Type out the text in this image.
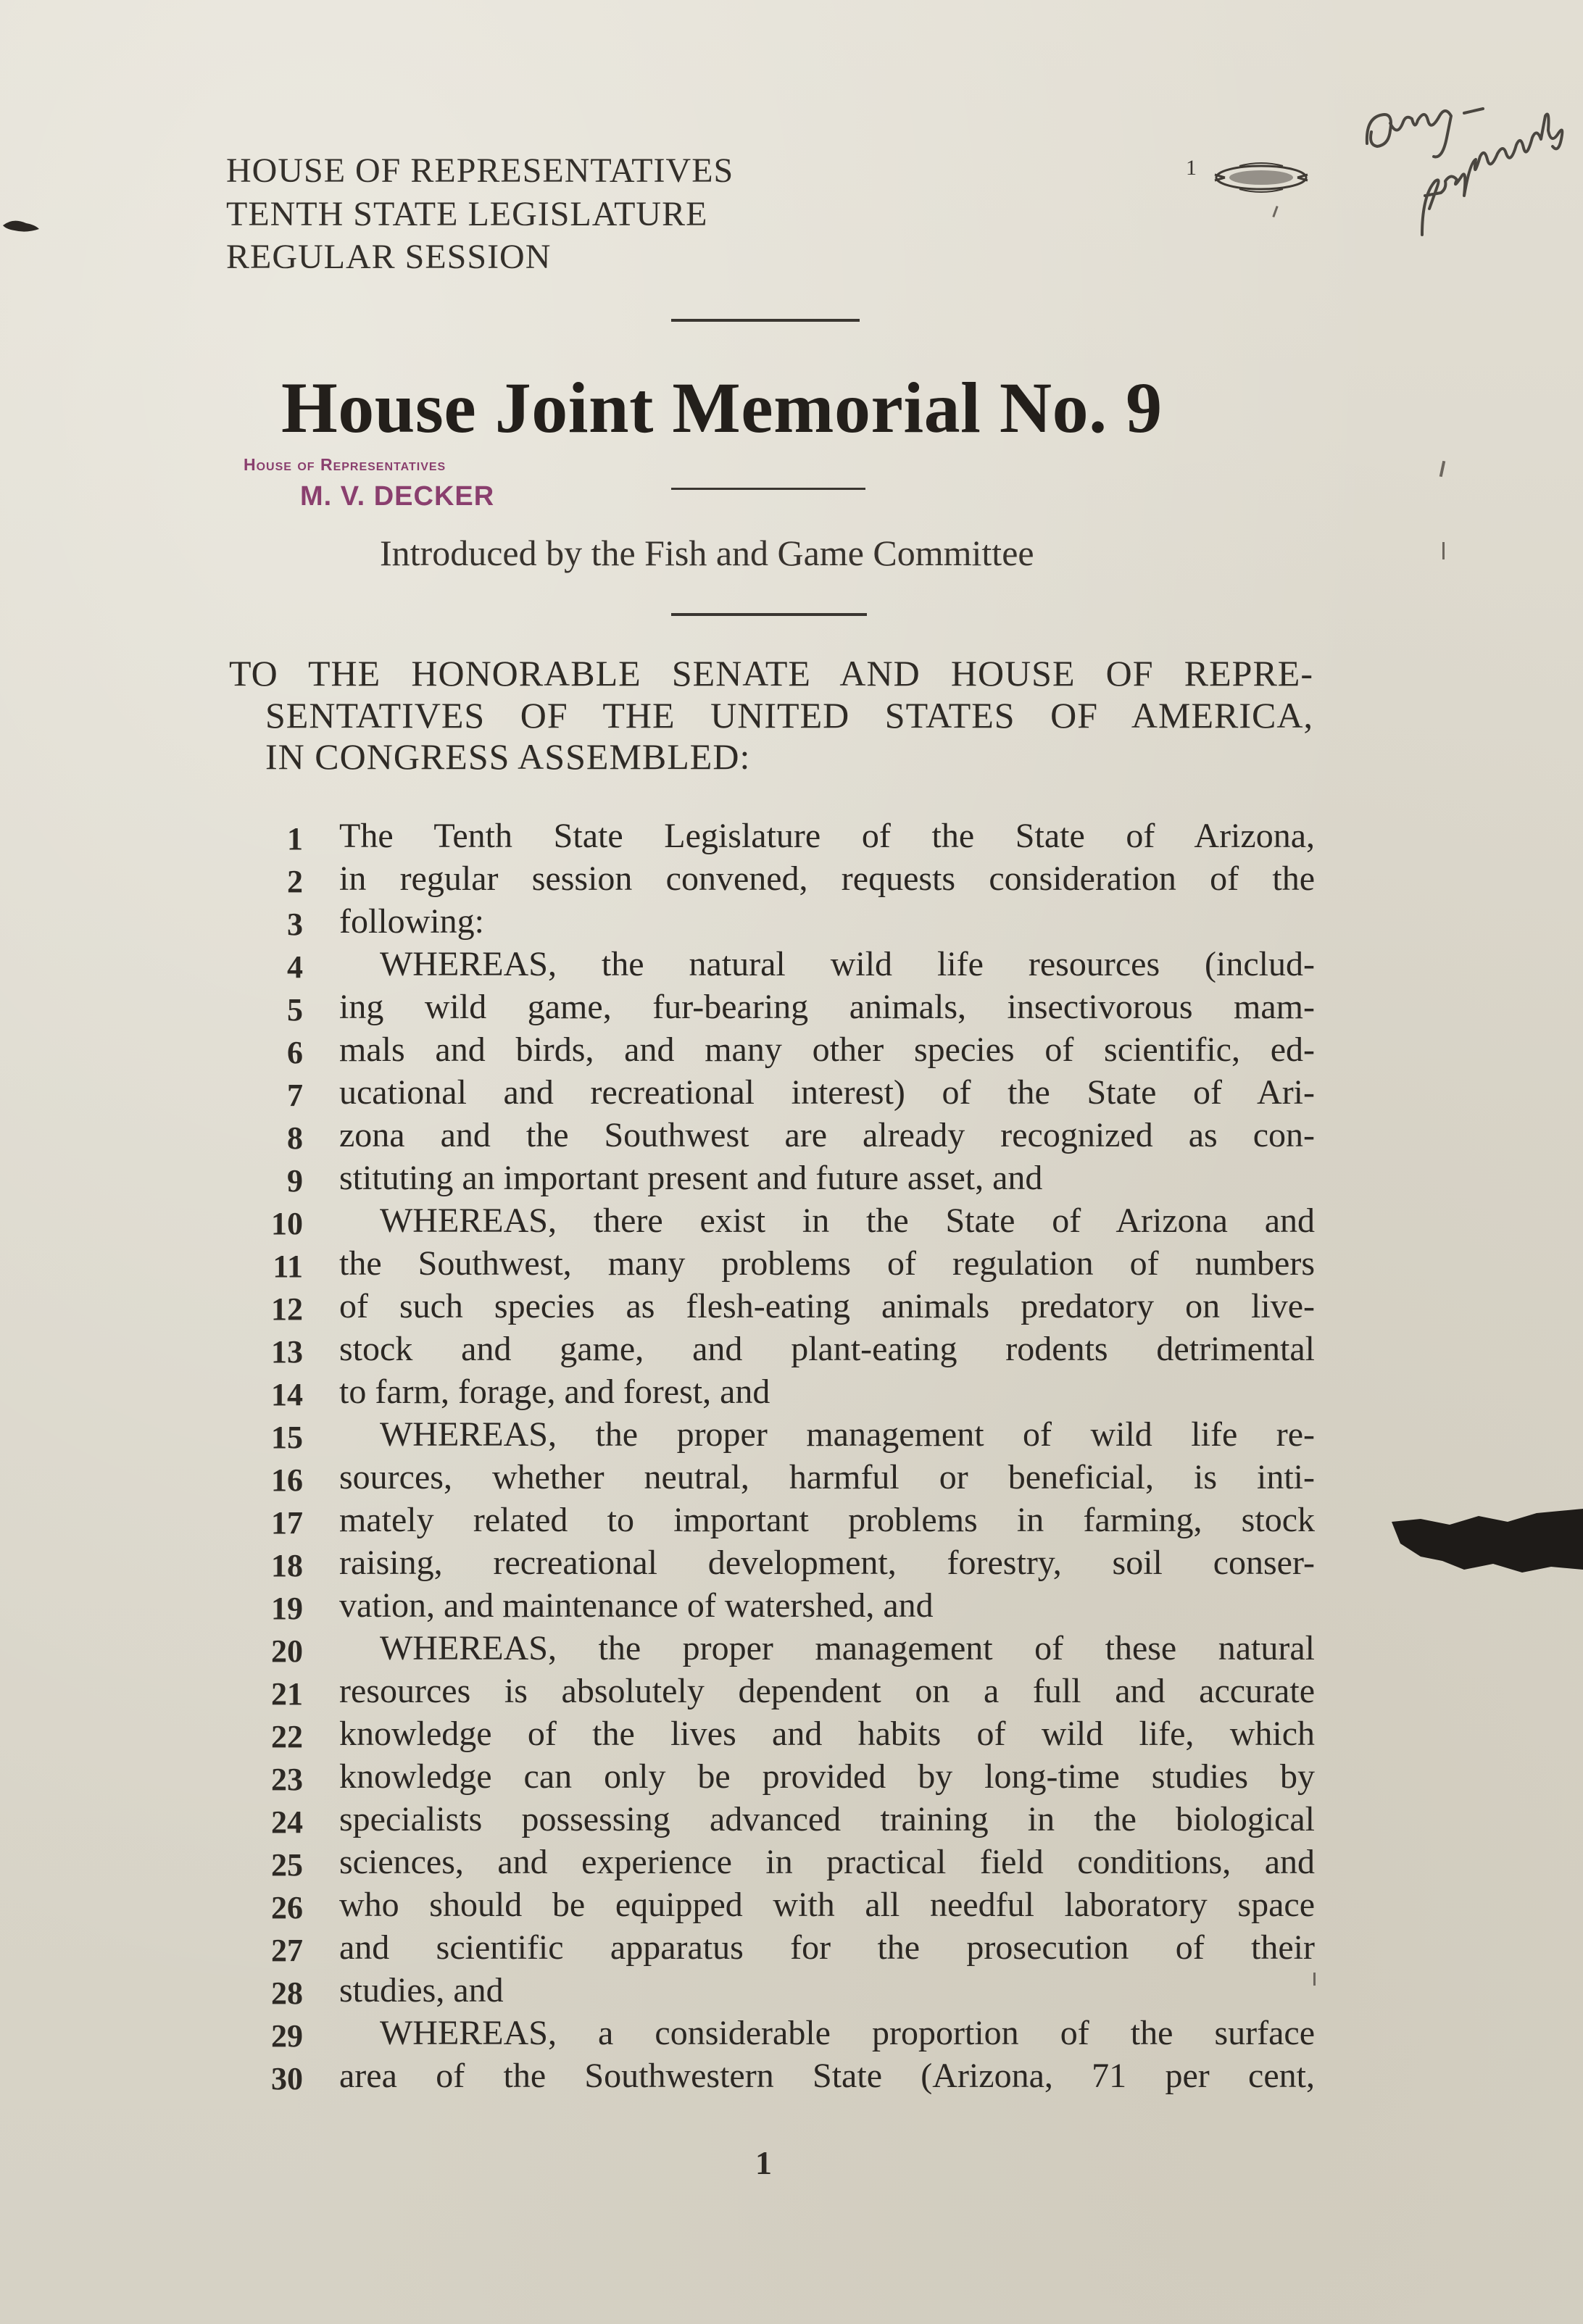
HOUSE OF REPRESENTATIVES
TENTH STATE LEGISLATURE
REGULAR SESSION
1
House Joint Memorial No. 9
House of Representatives
M. V. DECKER
Introduced by the Fish and Game Committee
TO THE HONORABLE SENATE AND HOUSE OF REPRE-
SENTATIVES OF THE UNITED STATES OF AMERICA,
IN CONGRESS ASSEMBLED:
1 The Tenth State Legislature of the State of Arizona,
2 in regular session convened, requests consideration of the
3 following:
4 WHEREAS, the natural wild life resources (includ-
5 ing wild game, fur-bearing animals, insectivorous mam-
6 mals and birds, and many other species of scientific, ed-
7 ucational and recreational interest) of the State of Ari-
8 zona and the Southwest are already recognized as con-
9 stituting an important present and future asset, and
10 WHEREAS, there exist in the State of Arizona and
11 the Southwest, many problems of regulation of numbers
12 of such species as flesh-eating animals predatory on live-
13 stock and game, and plant-eating rodents detrimental
14 to farm, forage, and forest, and
15 WHEREAS, the proper management of wild life re-
16 sources, whether neutral, harmful or beneficial, is inti-
17 mately related to important problems in farming, stock
18 raising, recreational development, forestry, soil conser-
19 vation, and maintenance of watershed, and
20 WHEREAS, the proper management of these natural
21 resources is absolutely dependent on a full and accurate
22 knowledge of the lives and habits of wild life, which
23 knowledge can only be provided by long-time studies by
24 specialists possessing advanced training in the biological
25 sciences, and experience in practical field conditions, and
26 who should be equipped with all needful laboratory space
27 and scientific apparatus for the prosecution of their
28 studies, and
29 WHEREAS, a considerable proportion of the surface
30 area of the Southwestern State (Arizona, 71 per cent,
1
